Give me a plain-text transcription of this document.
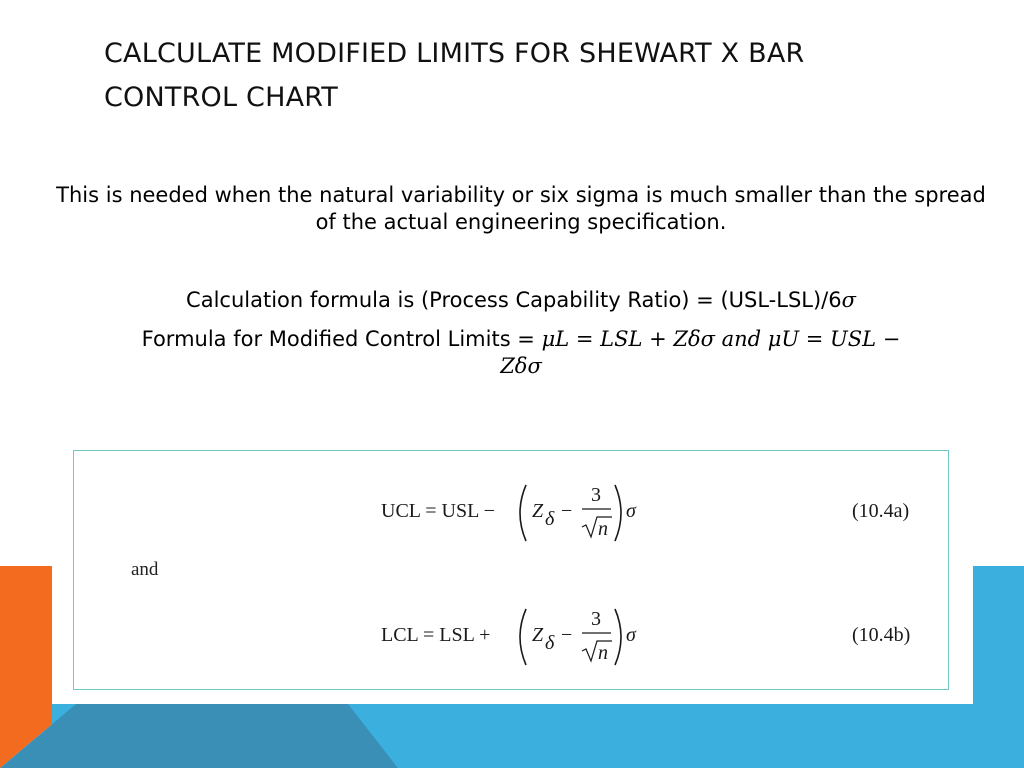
CALCULATE MODIFIED LIMITS FOR SHEWART X BAR CONTROL CHART
This is needed when the natural variability or six sigma is much smaller than the spread of the actual engineering specification.
Calculation formula is (Process Capability Ratio) = (USL-LSL)/6𝜎
Formula for Modified Control Limits = 𝜇𝐿 = 𝐿𝑆𝐿 + 𝑍𝛿𝜎 𝑎𝑛𝑑 𝜇𝑈 = 𝑈𝑆𝐿 −
𝑍𝛿𝜎
UCL = USL − Z δ −
3
n
σ	(10.4a)
LCL = LSL + Z δ −
3
n
σ	(10.4b)
and
